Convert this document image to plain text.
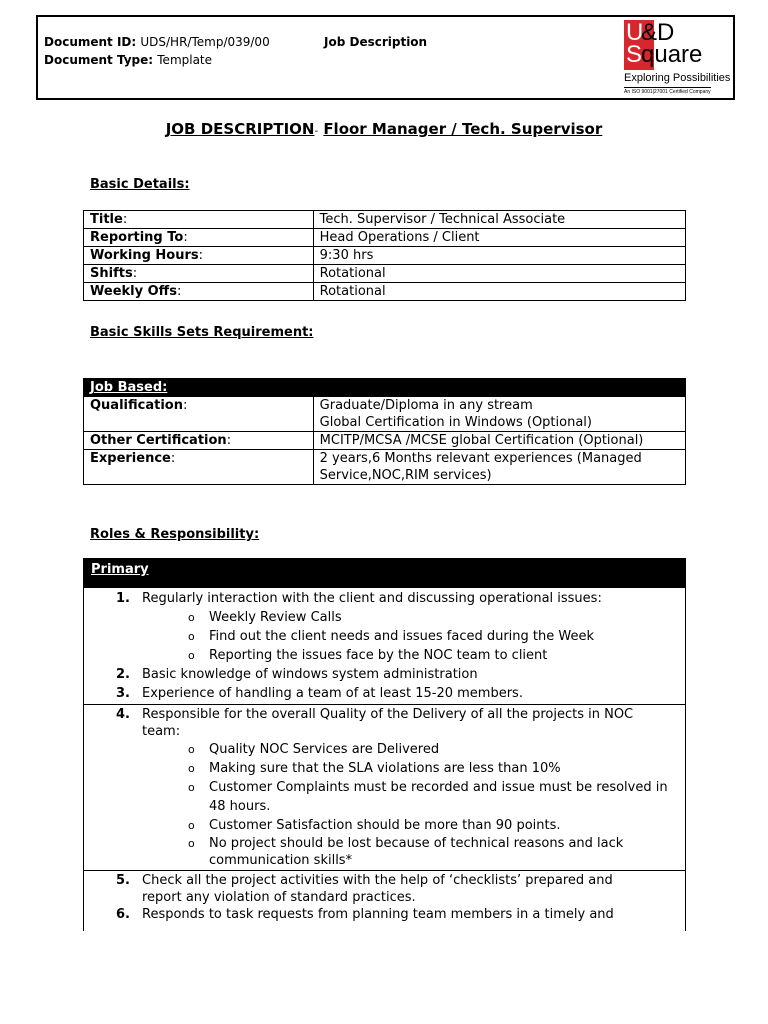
Document ID: UDS/HR/Temp/039/00
Document Type: Template
Job Description	U
&D
S
quare
Exploring Possibilities
An ISO 9001|27001 Certified Company
JOB DESCRIPTION- Floor Manager / Tech. Supervisor
Basic Details:
Title:	Tech. Supervisor / Technical Associate
Reporting To:	Head Operations / Client
Working Hours:	9:30 hrs
Shifts:	Rotational
Weekly Offs:	Rotational
Basic Skills Sets Requirement:
Job Based:	
Qualification:	Graduate/Diploma in any stream
Global Certification in Windows (Optional)

Other Certification:	MCITP/MCSA /MCSE global Certification (Optional)
Experience:	2 years,6 Months relevant experiences (Managed
Service,NOC,RIM services)
Roles & Responsibility:
Primary
1. Regularly interaction with the client and discussing operational issues:
o Weekly Review Calls
o Find out the client needs and issues faced during the Week
o Reporting the issues face by the NOC team to client
2. Basic knowledge of windows system administration
3. Experience of handling a team of at least 15-20 members.
4. Responsible for the overall Quality of the Delivery of all the projects in NOC
team:
o Quality NOC Services are Delivered
o Making sure that the SLA violations are less than 10%
o Customer Complaints must be recorded and issue must be resolved in
48 hours.
o Customer Satisfaction should be more than 90 points.
o No project should be lost because of technical reasons and lack
communication skills*
5. Check all the project activities with the help of ‘checklists’ prepared and
report any violation of standard practices.
6. Responds to task requests from planning team members in a timely and
